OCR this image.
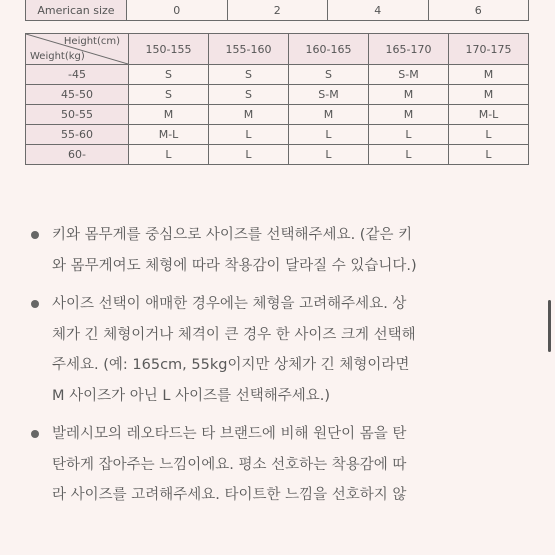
American size	0	2	4	6
Height(cm)
Weight(kg)	150-155	155-160	160-165	165-170	170-175
-45	S	S	S	S-M	M
45-50	S	S	S-M	M	M
50-55	M	M	M	M	M-L
55-60	M-L	L	L	L	L
60-	L	L	L	L	L
키와 몸무게를 중심으로 사이즈를 선택해주세요. (같은 키
와 몸무게여도 체형에 따라 착용감이 달라질 수 있습니다.)
사이즈 선택이 애매한 경우에는 체형을 고려해주세요. 상
체가 긴 체형이거나 체격이 큰 경우 한 사이즈 크게 선택해
주세요. (예: 165cm, 55kg이지만 상체가 긴 체형이라면
M 사이즈가 아닌 L 사이즈를 선택해주세요.)
발레시모의 레오타드는 타 브랜드에 비해 원단이 몸을 탄
탄하게 잡아주는 느낌이에요. 평소 선호하는 착용감에 따
라 사이즈를 고려해주세요. 타이트한 느낌을 선호하지 않
